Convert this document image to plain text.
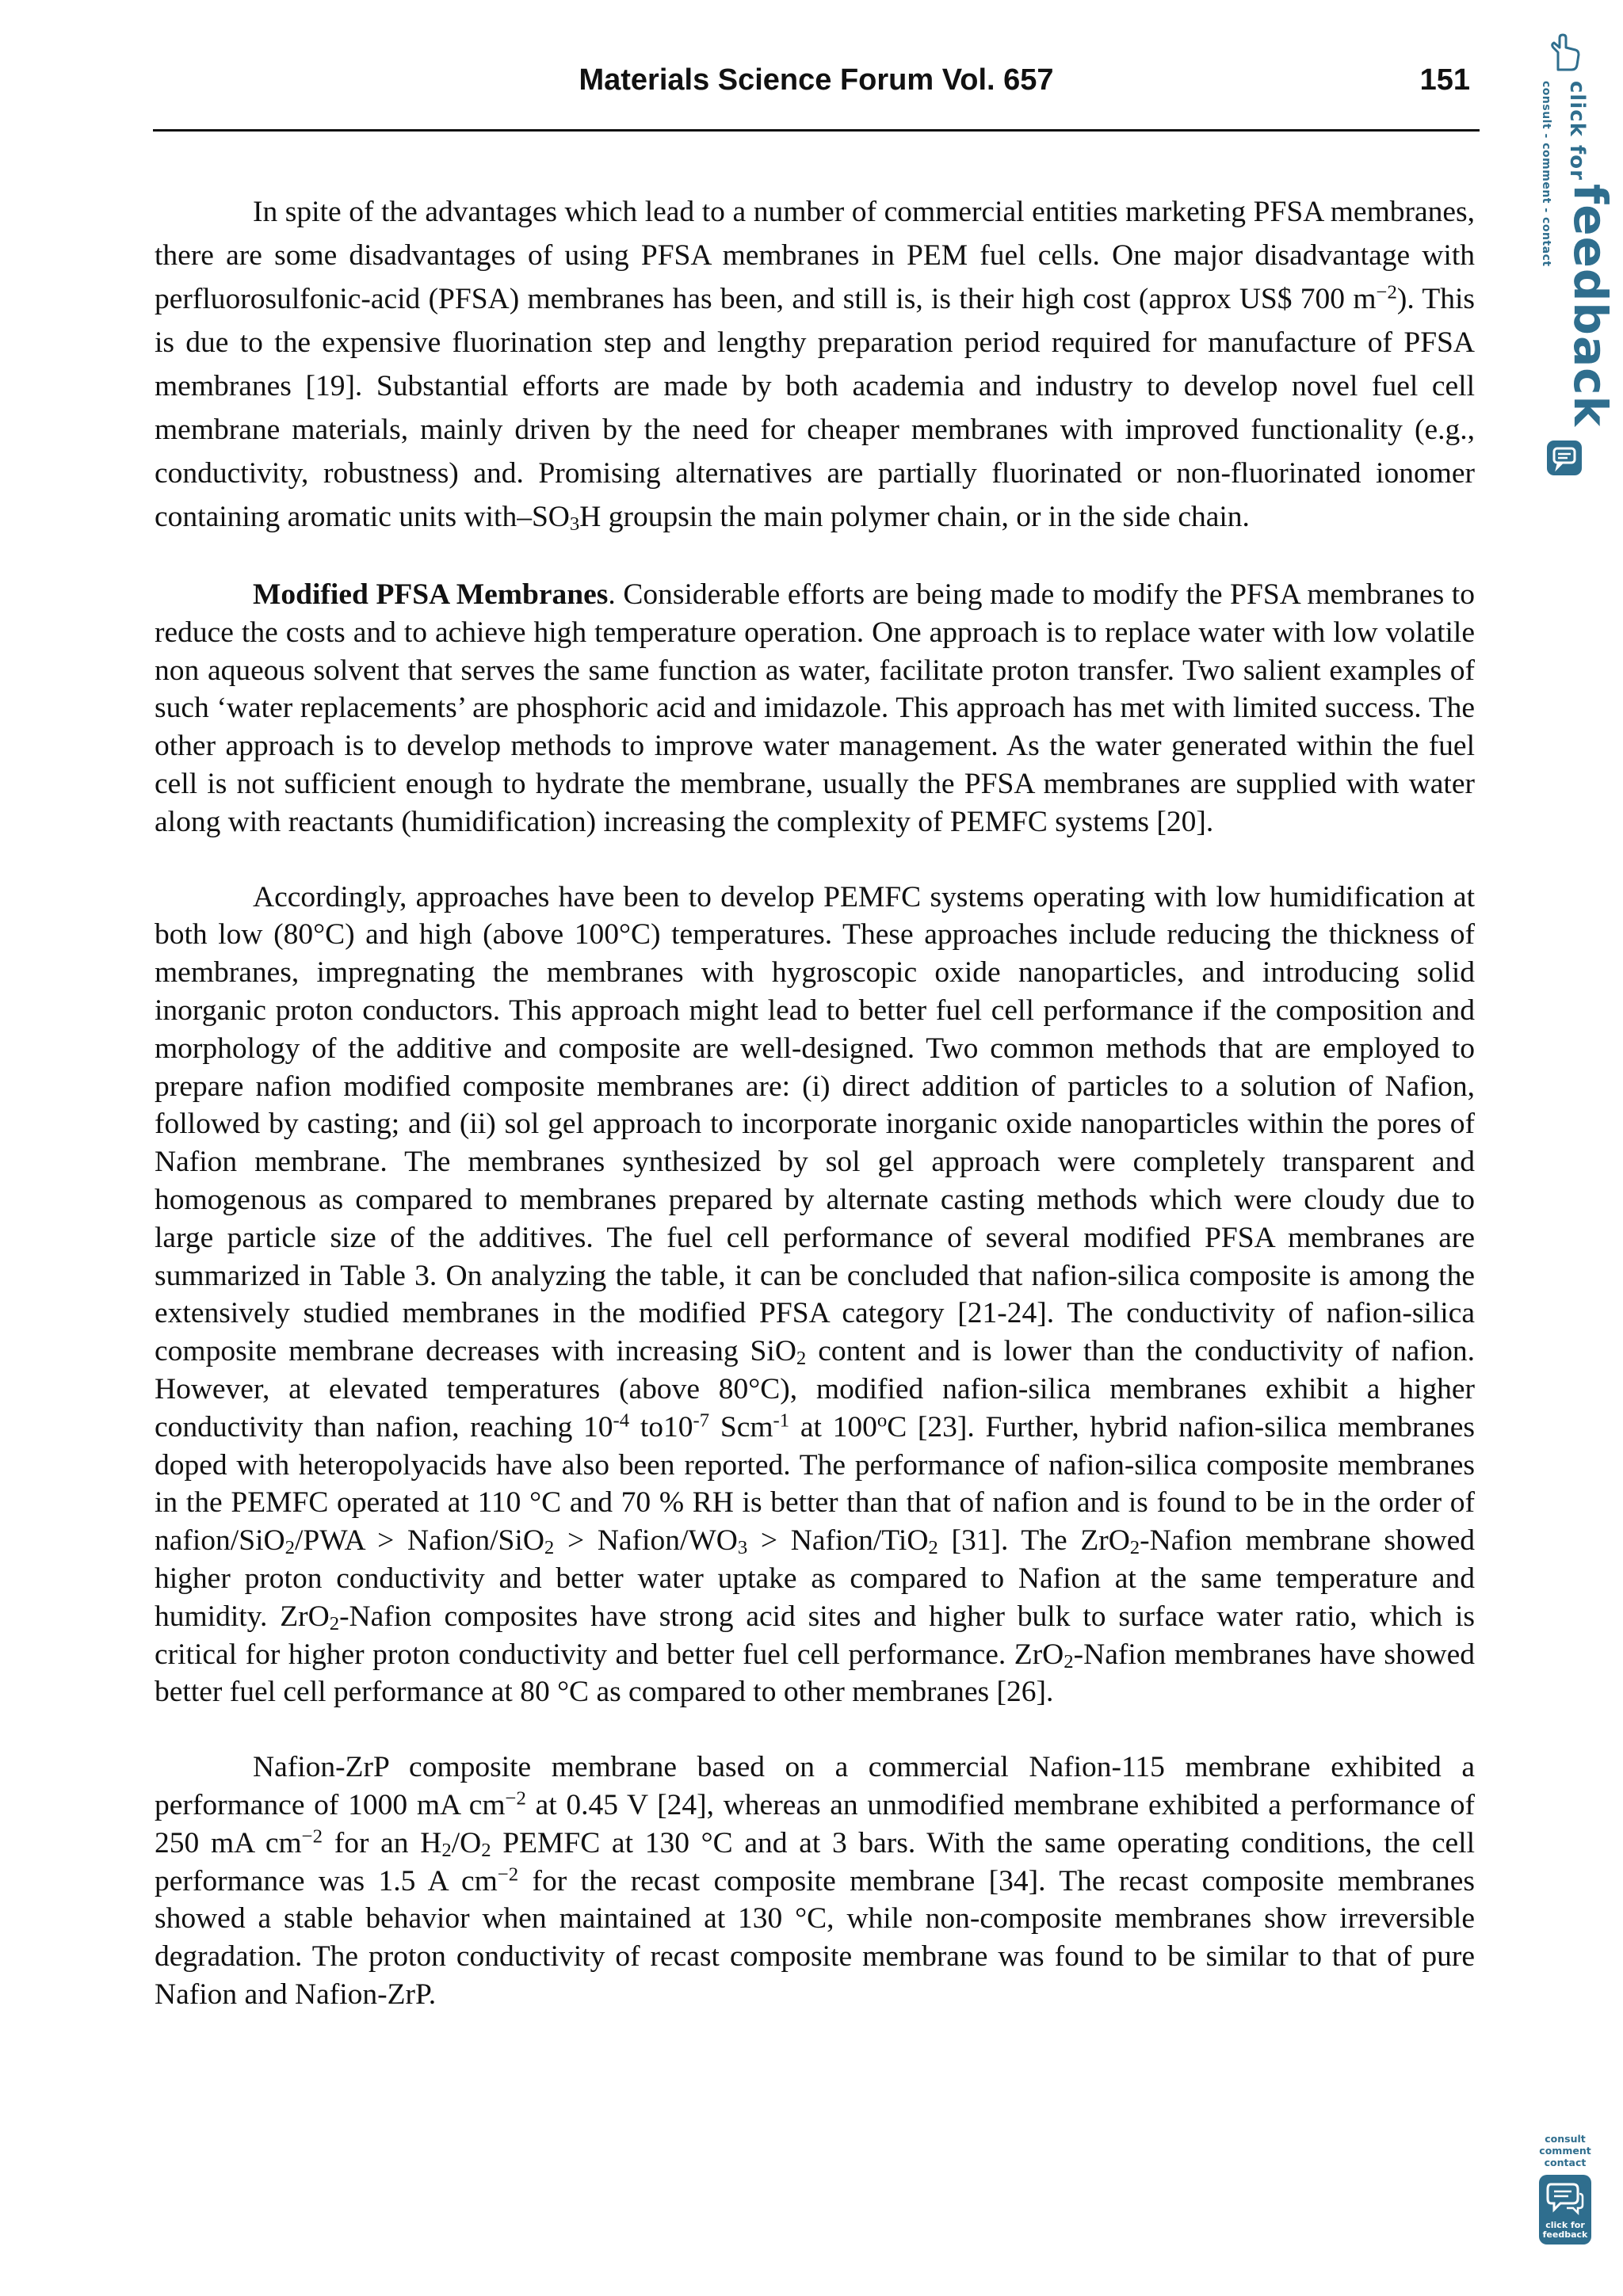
Materials Science Forum Vol. 657	151

In spite of the advantages which lead to a number of commercial entities marketing PFSA membranes, there are some disadvantages of using PFSA membranes in PEM fuel cells. One major disadvantage with perfluorosulfonic-acid (PFSA) membranes has been, and still is, is their high cost (approx US$ 700 $m^{-2}$). This is due to the expensive fluorination step and lengthy preparation period required for manufacture of PFSA membranes [19]. Substantial efforts are made by both academia and industry to develop novel fuel cell membrane materials, mainly driven by the need for cheaper membranes with improved functionality (e.g., conductivity, robustness) and. Promising alternatives are partially fluorinated or non-fluorinated ionomer containing aromatic units with–$SO_3H$ groupsin the main polymer chain, or in the side chain.

Modified PFSA Membranes. Considerable efforts are being made to modify the PFSA membranes to reduce the costs and to achieve high temperature operation. One approach is to replace water with low volatile non aqueous solvent that serves the same function as water, facilitate proton transfer. Two salient examples of such ‘water replacements’ are phosphoric acid and imidazole. This approach has met with limited success. The other approach is to develop methods to improve water management. As the water generated within the fuel cell is not sufficient enough to hydrate the membrane, usually the PFSA membranes are supplied with water along with reactants (humidification) increasing the complexity of PEMFC systems [20].

Accordingly, approaches have been to develop PEMFC systems operating with low humidification at both low (80°C) and high (above 100°C) temperatures. These approaches include reducing the thickness of membranes, impregnating the membranes with hygroscopic oxide nanoparticles, and introducing solid inorganic proton conductors. This approach might lead to better fuel cell performance if the composition and morphology of the additive and composite are well-designed. Two common methods that are employed to prepare nafion modified composite membranes are: (i) direct addition of particles to a solution of Nafion, followed by casting; and (ii) sol gel approach to incorporate inorganic oxide nanoparticles within the pores of Nafion membrane. The membranes synthesized by sol gel approach were completely transparent and homogenous as compared to membranes prepared by alternate casting methods which were cloudy due to large particle size of the additives. The fuel cell performance of several modified PFSA membranes are summarized in Table 3. On analyzing the table, it can be concluded that nafion-silica composite is among the extensively studied membranes in the modified PFSA category [21-24]. The conductivity of nafion-silica composite membrane decreases with increasing SiO$_2$ content and is lower than the conductivity of nafion. However, at elevated temperatures (above 80°C), modified nafion-silica membranes exhibit a higher conductivity than nafion, reaching $10^{-4}$ $to10^{-7}$ Scm$^{-1}$ at 100$^o$C [23]. Further, hybrid nafion-silica membranes doped with heteropolyacids have also been reported. The performance of nafion-silica composite membranes in the PEMFC operated at 110 °C and 70 % RH is better than that of nafion and is found to be in the order of nafion/SiO$_2$/PWA > Nafion/SiO$_2$ > Nafion/$WO_3$ > Nafion/TiO$_2$ [31]. The ZrO$_2$-Nafion membrane showed higher proton conductivity and better water uptake as compared to Nafion at the same temperature and humidity. ZrO$_2$-Nafion composites have strong acid sites and higher bulk to surface water ratio, which is critical for higher proton conductivity and better fuel cell performance. ZrO$_2$-Nafion membranes have showed better fuel cell performance at 80 °C as compared to other membranes [26].

Nafion-ZrP composite membrane based on a commercial Nafion-115 membrane exhibited a performance of 1000 mA $cm^{-2}$ at 0.45 V [24], whereas an unmodified membrane exhibited a performance of 250 mA $cm^{-2}$ for an $H_2/O_2$ PEMFC at 130 °C and at 3 bars. With the same operating conditions, the cell performance was 1.5 A $cm^{-2}$ for the recast composite membrane [34]. The recast composite membranes showed a stable behavior when maintained at 130 °C, while non-composite membranes show irreversible degradation. The proton conductivity of recast composite membrane was found to be similar to that of pure Nafion and Nafion-ZrP.

click for
consult - comment - contact
feedback
consult
comment
contact
click for
feedback
